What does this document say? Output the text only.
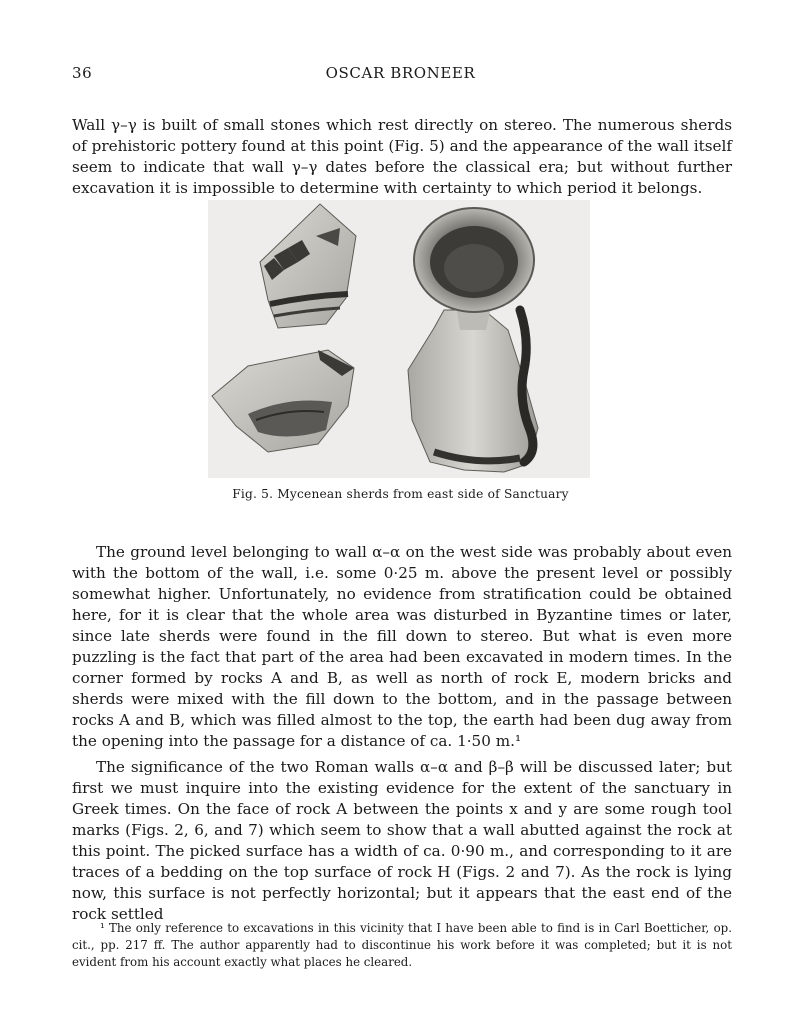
36	OSCAR BRONEER

Wall γ–γ is built of small stones which rest directly on stereo. The numerous sherds of prehistoric pottery found at this point (Fig. 5) and the appearance of the wall itself seem to indicate that wall γ–γ dates before the classical era; but without further excavation it is impossible to determine with certainty to which period it belongs.

Fig. 5. Mycenean sherds from east side of Sanctuary

The ground level belonging to wall α–α on the west side was probably about even with the bottom of the wall, i.e. some 0·25 m. above the present level or possibly somewhat higher. Unfortunately, no evidence from stratification could be obtained here, for it is clear that the whole area was disturbed in Byzantine times or later, since late sherds were found in the fill down to stereo. But what is even more puzzling is the fact that part of the area had been excavated in modern times. In the corner formed by rocks A and B, as well as north of rock E, modern bricks and sherds were mixed with the fill down to the bottom, and in the passage between rocks A and B, which was filled almost to the top, the earth had been dug away from the opening into the passage for a distance of ca. 1·50 m.¹

The significance of the two Roman walls α–α and β–β will be discussed later; but first we must inquire into the existing evidence for the extent of the sanctuary in Greek times. On the face of rock A between the points x and y are some rough tool marks (Figs. 2, 6, and 7) which seem to show that a wall abutted against the rock at this point. The picked surface has a width of ca. 0·90 m., and corresponding to it are traces of a bedding on the top surface of rock H (Figs. 2 and 7). As the rock is lying now, this surface is not perfectly horizontal; but it appears that the east end of the rock settled

¹ The only reference to excavations in this vicinity that I have been able to find is in Carl Boetticher, op. cit., pp. 217 ff. The author apparently had to discontinue his work before it was completed; but it is not evident from his account exactly what places he cleared.
